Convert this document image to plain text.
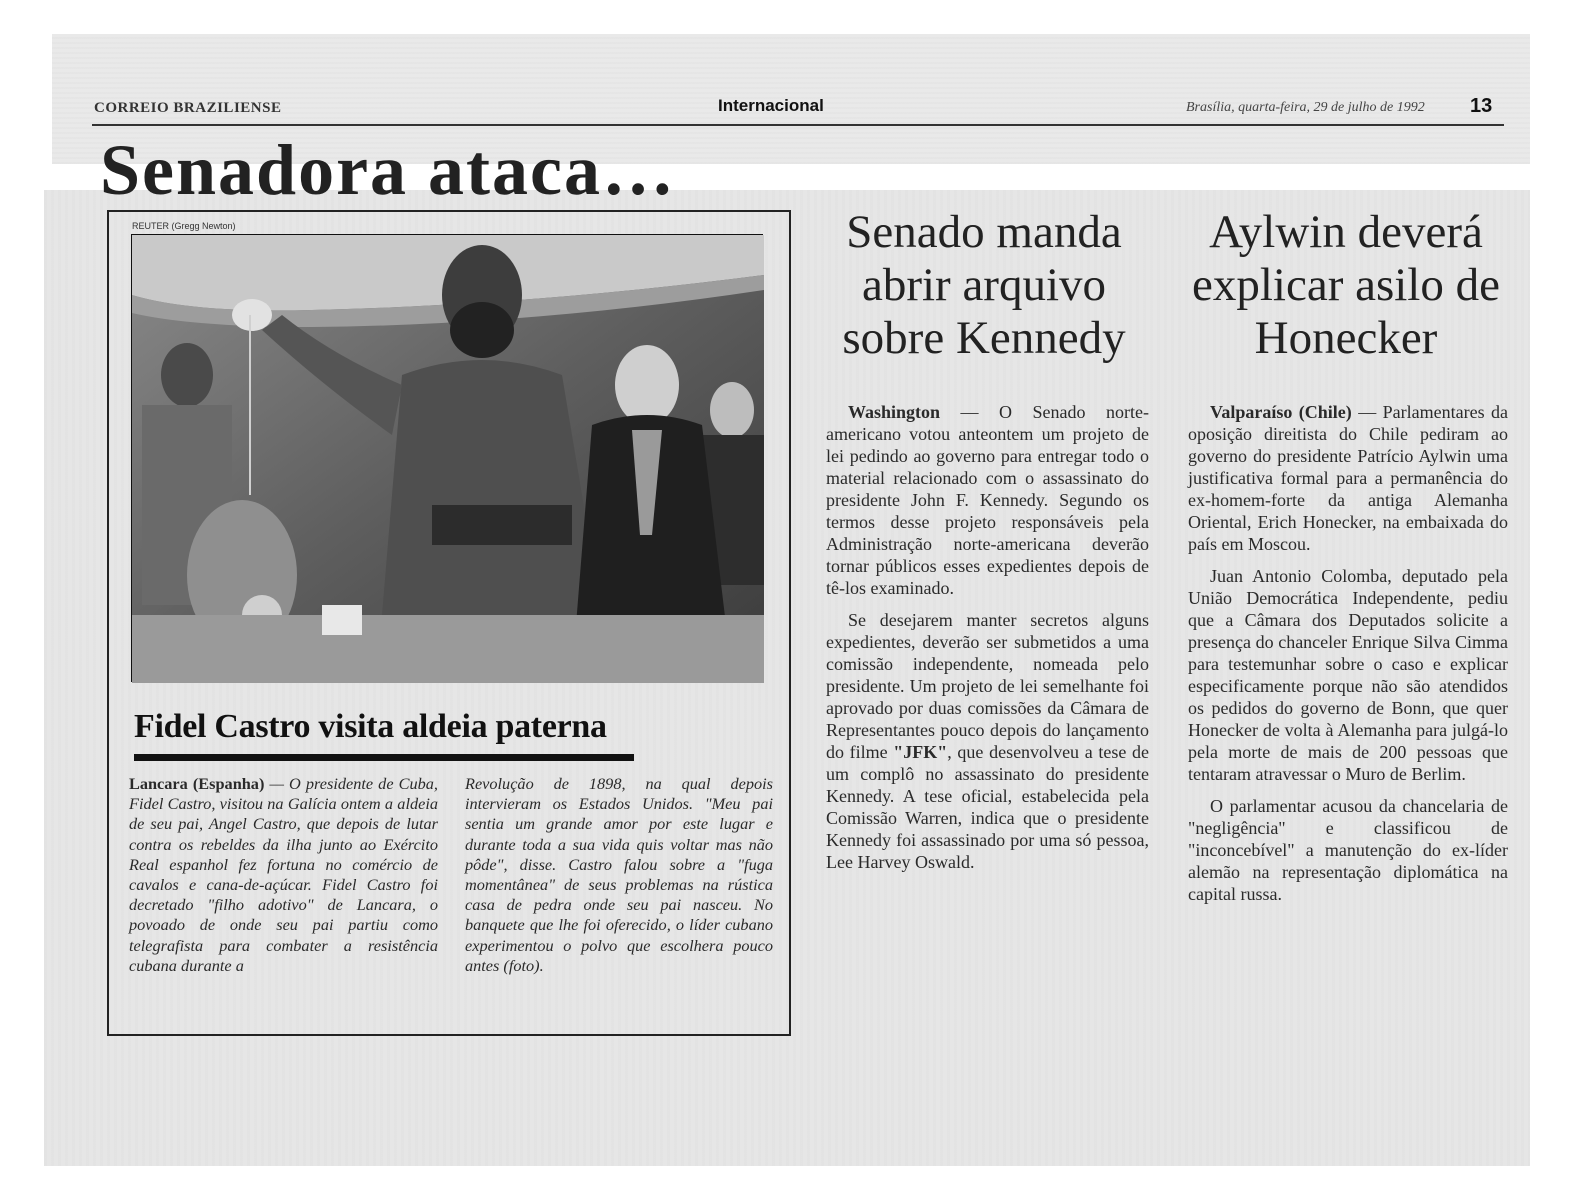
CORREIO BRAZILIENSE	Internacional	Brasília, quarta-feira, 29 de julho de 1992 13
Senadora ataca…
REUTER (Gregg Newton)
Fidel Castro visita aldeia paterna
Lancara (Espanha) — O presidente de Cuba, Fidel Castro, visitou na Galícia ontem a aldeia de seu pai, Angel Castro, que depois de lutar contra os rebeldes da ilha junto ao Exército Real espanhol fez fortuna no comércio de cavalos e cana-de-açúcar. Fidel Castro foi decretado "filho adotivo" de Lancara, o povoado de onde seu pai partiu como telegrafista para combater a resistência cubana durante a
Revolução de 1898, na qual depois intervieram os Estados Unidos. "Meu pai sentia um grande amor por este lugar e durante toda a sua vida quis voltar mas não pôde", disse. Castro falou sobre a "fuga momentânea" de seus problemas na rústica casa de pedra onde seu pai nasceu. No banquete que lhe foi oferecido, o líder cubano experimentou o polvo que escolhera pouco antes (foto).
Senado manda abrir arquivo sobre Kennedy

Washington — O Senado norte-americano votou anteontem um projeto de lei pedindo ao governo para entregar todo o material relacionado com o assassinato do presidente John F. Kennedy. Segundo os termos desse projeto responsáveis pela Administração norte-americana deverão tornar públicos esses expedientes depois de tê-los examinado.

Se desejarem manter secretos alguns expedientes, deverão ser submetidos a uma comissão independente, nomeada pelo presidente. Um projeto de lei semelhante foi aprovado por duas comissões da Câmara de Representantes pouco depois do lançamento do filme "JFK", que desenvolveu a tese de um complô no assassinato do presidente Kennedy. A tese oficial, estabelecida pela Comissão Warren, indica que o presidente Kennedy foi assassinado por uma só pessoa, Lee Harvey Oswald.

Aylwin deverá explicar asilo de Honecker

Valparaíso (Chile) — Parlamentares da oposição direitista do Chile pediram ao governo do presidente Patrício Aylwin uma justificativa formal para a permanência do ex-homem-forte da antiga Alemanha Oriental, Erich Honecker, na embaixada do país em Moscou.

Juan Antonio Colomba, deputado pela União Democrática Independente, pediu que a Câmara dos Deputados solicite a presença do chanceler Enrique Silva Cimma para testemunhar sobre o caso e explicar especificamente porque não são atendidos os pedidos do governo de Bonn, que quer Honecker de volta à Alemanha para julgá-lo pela morte de mais de 200 pessoas que tentaram atravessar o Muro de Berlim.

O parlamentar acusou da chancelaria de "negligência" e classificou de "inconcebível" a manutenção do ex-líder alemão na representação diplomática na capital russa.
